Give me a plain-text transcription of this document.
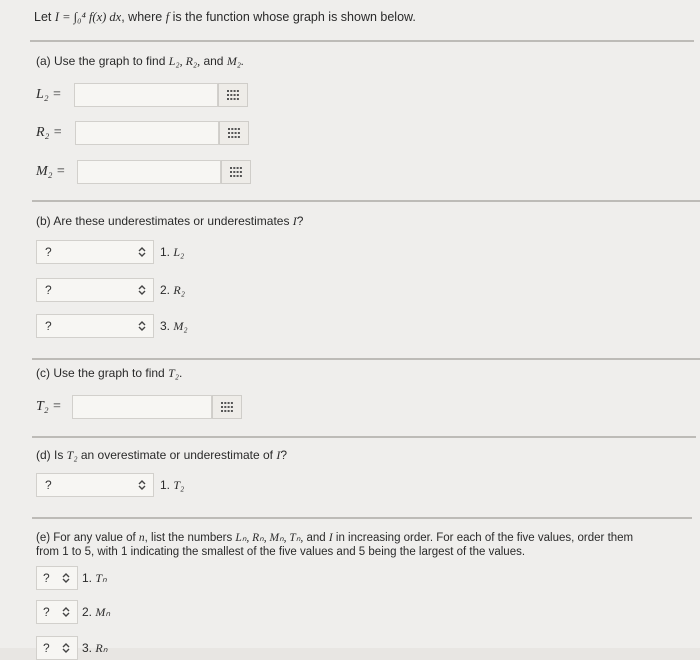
Let I = ∫₀⁴ f(x) dx, where f is the function whose graph is shown below.
(a) Use the graph to find L₂, R₂, and M₂.
L₂ =
R₂ =
M₂ =
(b) Are these underestimates or underestimates I?
?	1. L₂
?	2. R₂
?	3. M₂
(c) Use the graph to find T₂.
T₂ =
(d) Is T₂ an overestimate or underestimate of I?
?	1. T₂
(e) For any value of n, list the numbers Lₙ, Rₙ, Mₙ, Tₙ, and I in increasing order. For each of the five values, order them
from 1 to 5, with 1 indicating the smallest of the five values and 5 being the largest of the values.
?	1. Tₙ
?	2. Mₙ
?	3. Rₙ
